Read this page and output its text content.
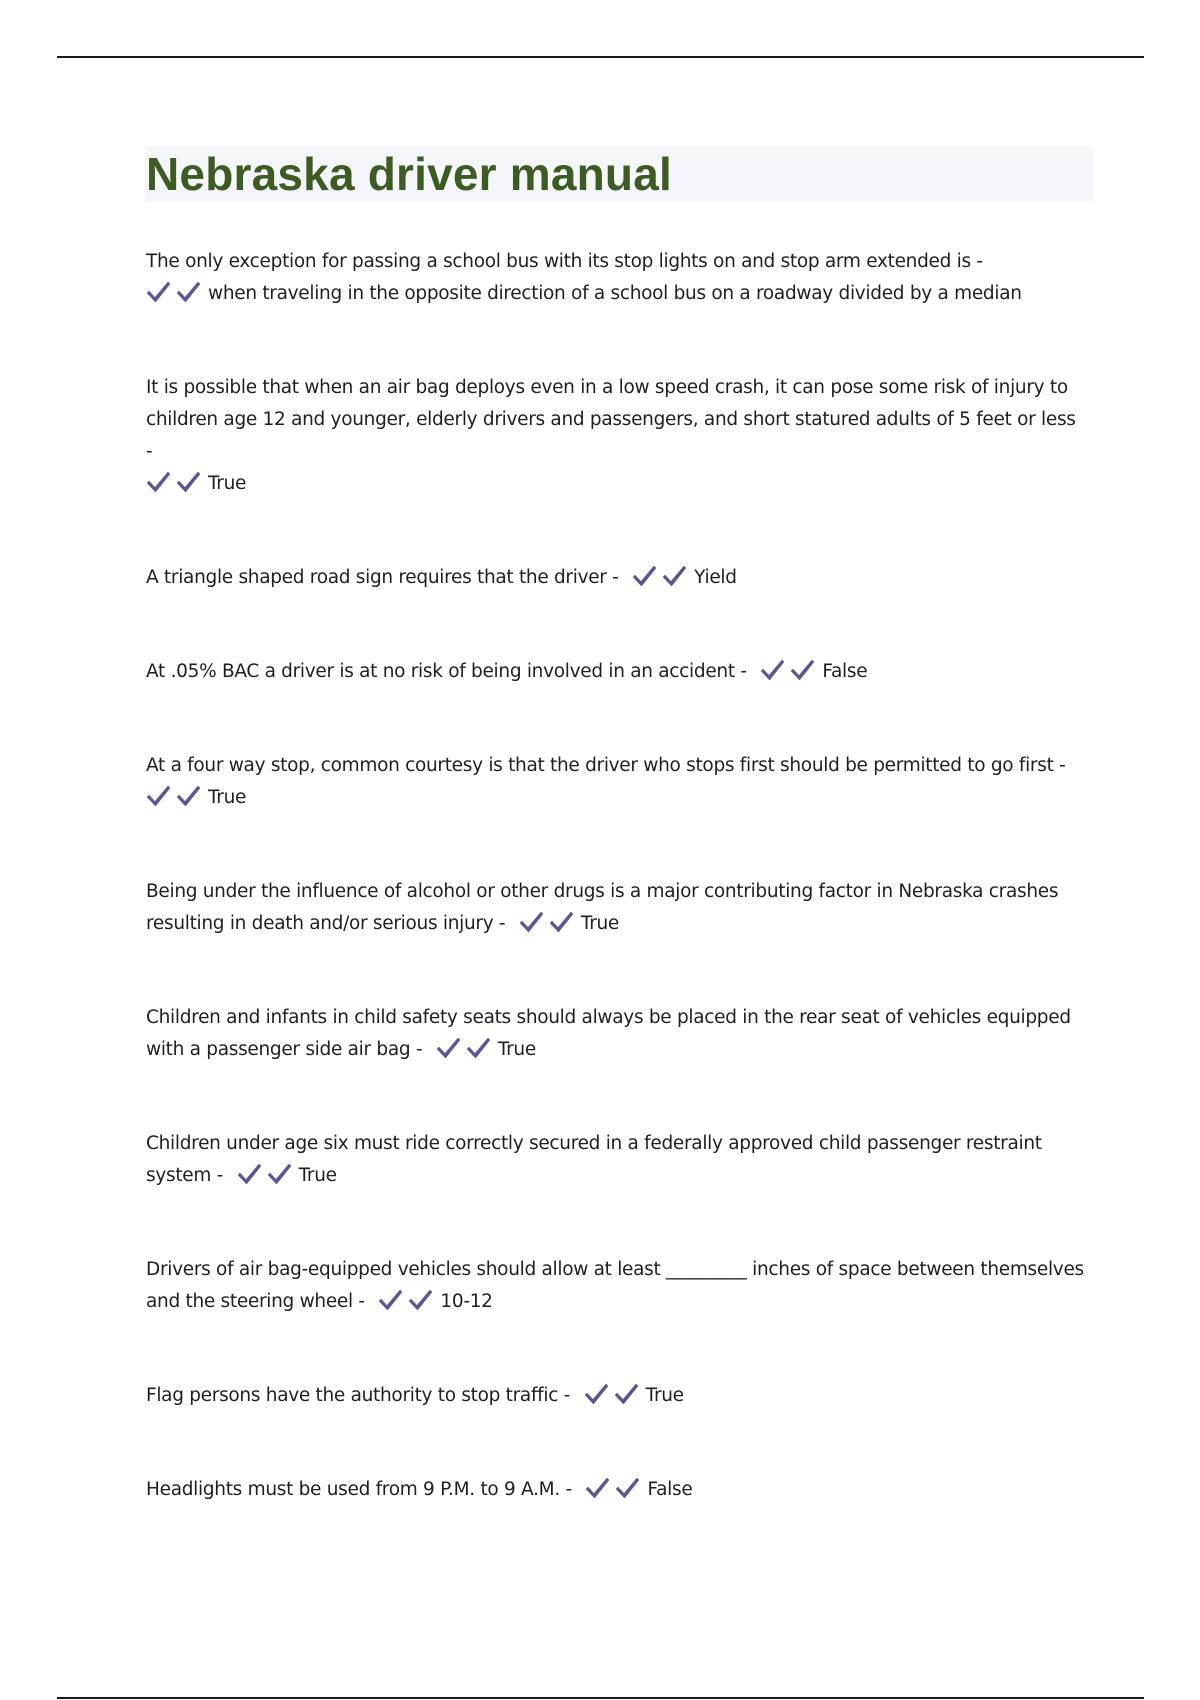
Nebraska driver manual

The only exception for passing a school bus with its stop lights on and stop arm extended is -
when traveling in the opposite direction of a school bus on a roadway divided by a median

It is possible that when an air bag deploys even in a low speed crash, it can pose some risk of injury to children age 12 and younger, elderly drivers and passengers, and short statured adults of 5 feet or less -
True

A triangle shaped road sign requires that the driver -	Yield

At .05% BAC a driver is at no risk of being involved in an accident -	False

At a four way stop, common courtesy is that the driver who stops first should be permitted to go first -
True

Being under the influence of alcohol or other drugs is a major contributing factor in Nebraska crashes resulting in death and/or serious injury -	True

Children and infants in child safety seats should always be placed in the rear seat of vehicles equipped with a passenger side air bag -	True

Children under age six must ride correctly secured in a federally approved child passenger restraint system -	True

Drivers of air bag-equipped vehicles should allow at least _________ inches of space between themselves and the steering wheel -	10-12

Flag persons have the authority to stop traffic -	True

Headlights must be used from 9 P.M. to 9 A.M. -	False
